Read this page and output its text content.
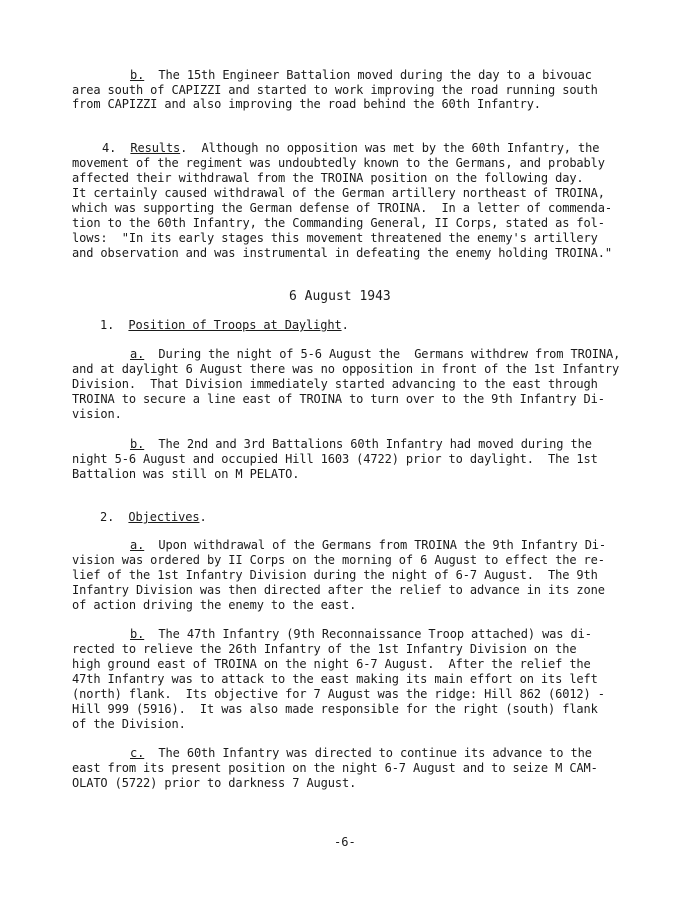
b.  The 15th Engineer Battalion moved during the day to a bivouac
area south of CAPIZZI and started to work improving the road running south
from CAPIZZI and also improving the road behind the 60th Infantry.
4.  Results.  Although no opposition was met by the 60th Infantry, the
movement of the regiment was undoubtedly known to the Germans, and probably
affected their withdrawal from the TROINA position on the following day.
It certainly caused withdrawal of the German artillery northeast of TROINA,
which was supporting the German defense of TROINA.  In a letter of commenda-
tion to the 60th Infantry, the Commanding General, II Corps, stated as fol-
lows:  "In its early stages this movement threatened the enemy's artillery
and observation and was instrumental in defeating the enemy holding TROINA."
6 August 1943
1.  Position of Troops at Daylight.
a.  During the night of 5-6 August the  Germans withdrew from TROINA,
and at daylight 6 August there was no opposition in front of the 1st Infantry
Division.  That Division immediately started advancing to the east through
TROINA to secure a line east of TROINA to turn over to the 9th Infantry Di-
vision.
b.  The 2nd and 3rd Battalions 60th Infantry had moved during the
night 5-6 August and occupied Hill 1603 (4722) prior to daylight.  The 1st
Battalion was still on M PELATO.
2.  Objectives.
a.  Upon withdrawal of the Germans from TROINA the 9th Infantry Di-
vision was ordered by II Corps on the morning of 6 August to effect the re-
lief of the 1st Infantry Division during the night of 6-7 August.  The 9th
Infantry Division was then directed after the relief to advance in its zone
of action driving the enemy to the east.
b.  The 47th Infantry (9th Reconnaissance Troop attached) was di-
rected to relieve the 26th Infantry of the 1st Infantry Division on the
high ground east of TROINA on the night 6-7 August.  After the relief the
47th Infantry was to attack to the east making its main effort on its left
(north) flank.  Its objective for 7 August was the ridge: Hill 862 (6012) -
Hill 999 (5916).  It was also made responsible for the right (south) flank
of the Division.
c.  The 60th Infantry was directed to continue its advance to the
east from its present position on the night 6-7 August and to seize M CAM-
OLATO (5722) prior to darkness 7 August.
-6-
